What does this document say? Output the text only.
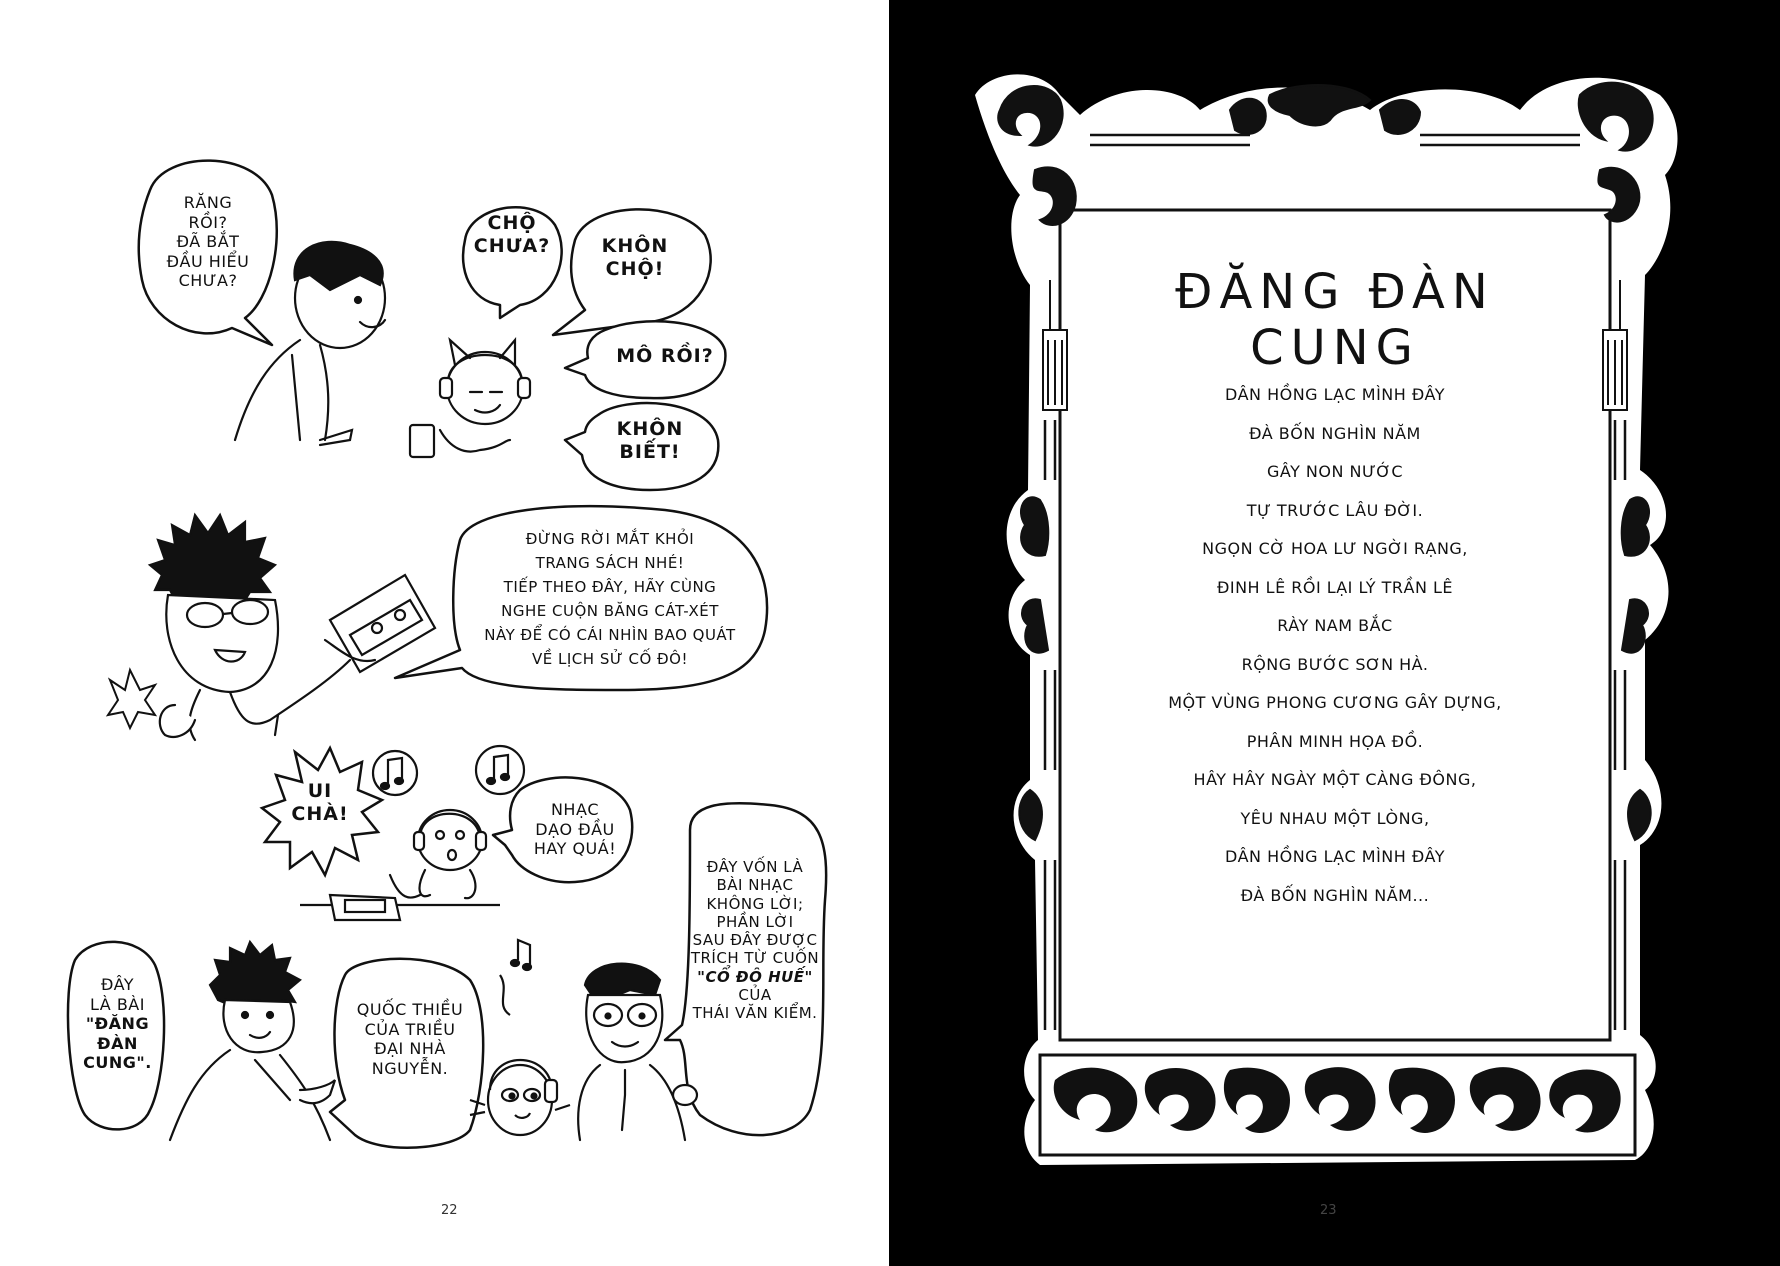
RĂNG
RỒI?
ĐÃ BẮT
ĐẦU HIỂU
CHƯA?
CHỘ
CHƯA?	KHÔN
CHỘ!
MÔ RỒI?
KHÔN
BIẾT!
ĐỪNG RỜI MẮT KHỎI
TRANG SÁCH NHÉ!
TIẾP THEO ĐÂY, HÃY CÙNG
NGHE CUỘN BĂNG CÁT-XÉT
NÀY ĐỂ CÓ CÁI NHÌN BAO QUÁT
VỀ LỊCH SỬ CỐ ĐÔ!
UI
CHÀ!	NHẠC
DẠO ĐẦU
HAY QUÁ!
ĐÂY VỐN LÀ
BÀI NHẠC
KHÔNG LỜI;
PHẦN LỜI
SAU ĐÂY ĐƯỢC
TRÍCH TỪ CUỐN
"CỔ ĐÔ HUẾ"
CỦA
THÁI VĂN KIỂM.
ĐÂY
LÀ BÀI
"ĐĂNG
ĐÀN
CUNG".
QUỐC THIỀU
CỦA TRIỀU
ĐẠI NHÀ
NGUYỄN.
22
ĐĂNG ĐÀN CUNG
DÂN HỒNG LẠC MÌNH ĐÂY
ĐÀ BỐN NGHÌN NĂM
GÂY NON NƯỚC
TỰ TRƯỚC LÂU ĐỜI.
NGỌN CỜ HOA LƯ NGỜI RẠNG,
ĐINH LÊ RỒI LẠI LÝ TRẦN LÊ
RÀY NAM BẮC
RỘNG BƯỚC SƠN HÀ.
MỘT VÙNG PHONG CƯƠNG GÂY DỰNG,
PHÂN MINH HỌA ĐỒ.
HÂY HÂY NGÀY MỘT CÀNG ĐÔNG,
YÊU NHAU MỘT LÒNG,
DÂN HỒNG LẠC MÌNH ĐÂY
ĐÀ BỐN NGHÌN NĂM...
23
